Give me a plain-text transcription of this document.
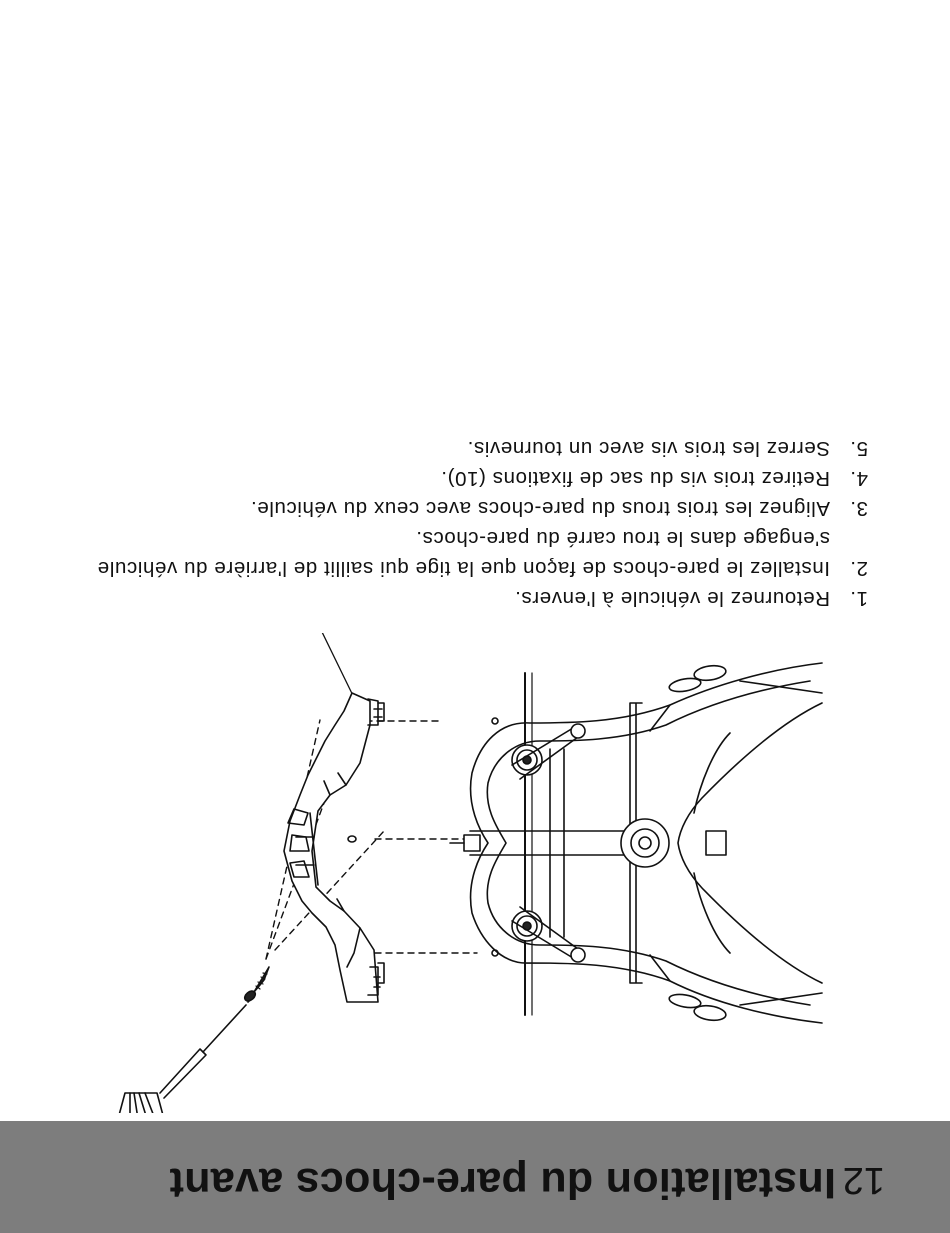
12
Installation du pare-chocs avant
1.
Retournez le véhicule à l'envers.
2.
Installez le pare-chocs de façon que la tige qui saillit de l'arrière du véhicule s'engage dans le trou carré du pare-chocs.
3.
Alignez les trois trous du pare-chocs avec ceux du véhicule.
4.
Retirez trois vis du sac de fixations (10).
5.
Serrez les trois vis avec un tournevis.
